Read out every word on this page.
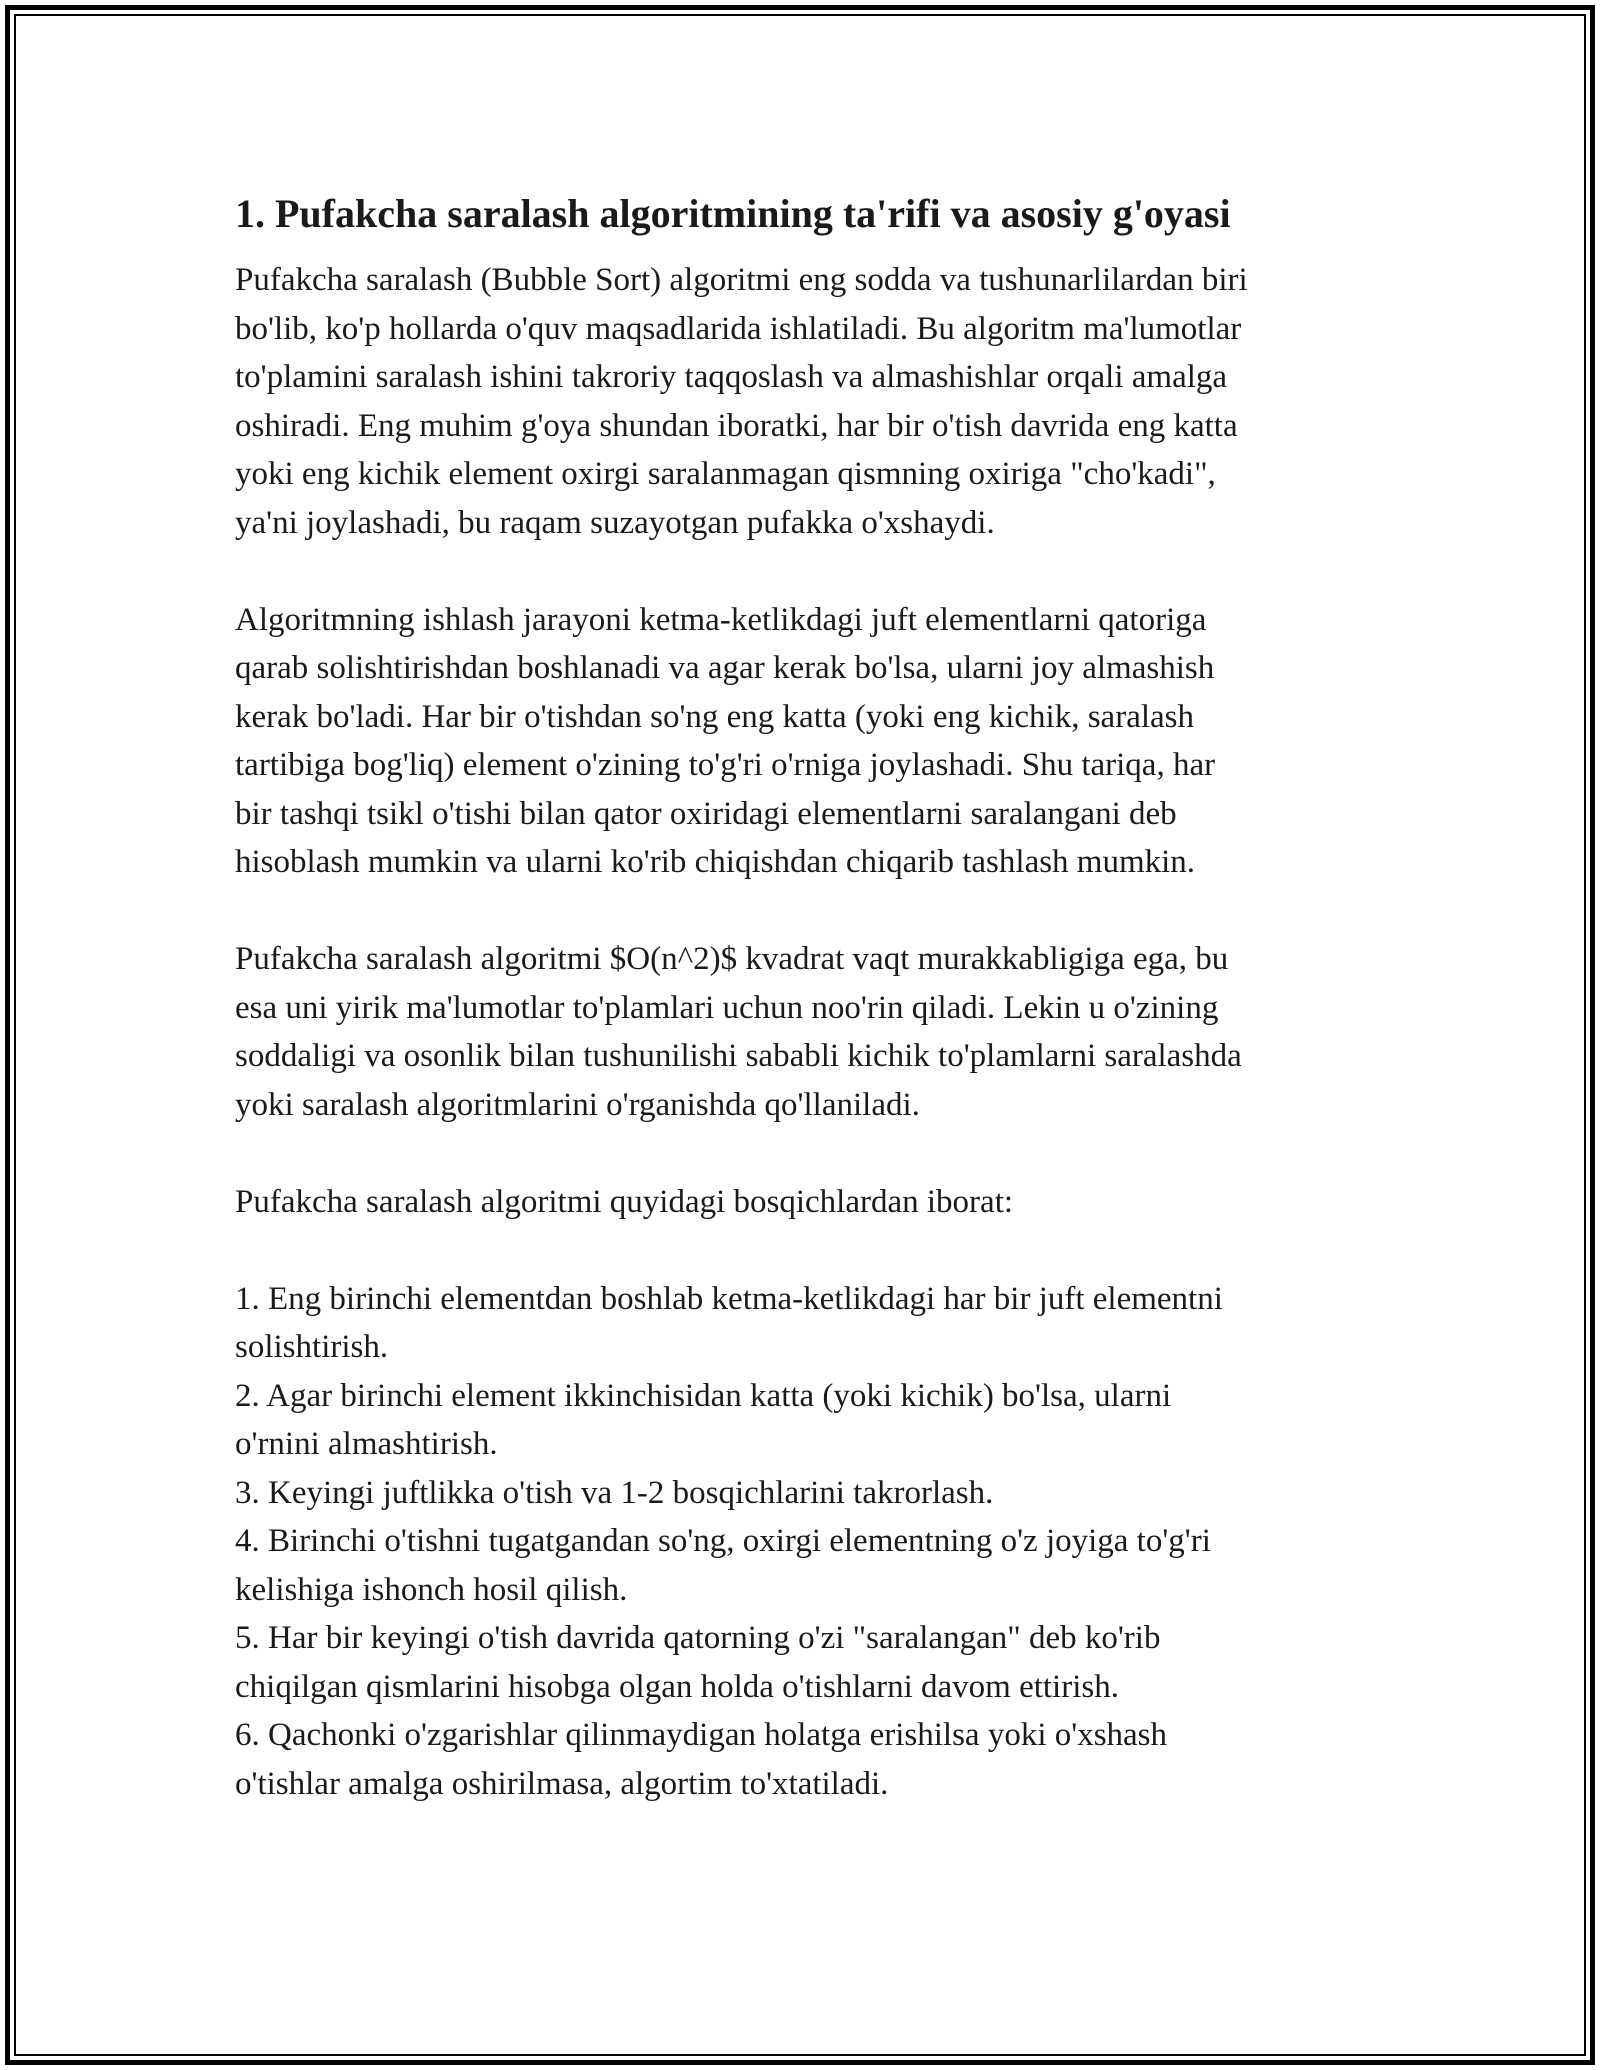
1. Pufakcha saralash algoritmining ta'rifi va asosiy g'oyasi

Pufakcha saralash (Bubble Sort) algoritmi eng sodda va tushunarlilardan biri
bo'lib, ko'p hollarda o'quv maqsadlarida ishlatiladi. Bu algoritm ma'lumotlar
to'plamini saralash ishini takroriy taqqoslash va almashishlar orqali amalga
oshiradi. Eng muhim g'oya shundan iboratki, har bir o'tish davrida eng katta
yoki eng kichik element oxirgi saralanmagan qismning oxiriga "cho'kadi",
ya'ni joylashadi, bu raqam suzayotgan pufakka o'xshaydi.

Algoritmning ishlash jarayoni ketma-ketlikdagi juft elementlarni qatoriga
qarab solishtirishdan boshlanadi va agar kerak bo'lsa, ularni joy almashish
kerak bo'ladi. Har bir o'tishdan so'ng eng katta (yoki eng kichik, saralash
tartibiga bog'liq) element o'zining to'g'ri o'rniga joylashadi. Shu tariqa, har
bir tashqi tsikl o'tishi bilan qator oxiridagi elementlarni saralangani deb
hisoblash mumkin va ularni ko'rib chiqishdan chiqarib tashlash mumkin.

Pufakcha saralash algoritmi $O(n^2)$ kvadrat vaqt murakkabligiga ega, bu
esa uni yirik ma'lumotlar to'plamlari uchun noo'rin qiladi. Lekin u o'zining
soddaligi va osonlik bilan tushunilishi sababli kichik to'plamlarni saralashda
yoki saralash algoritmlarini o'rganishda qo'llaniladi.

Pufakcha saralash algoritmi quyidagi bosqichlardan iborat:

1. Eng birinchi elementdan boshlab ketma-ketlikdagi har bir juft elementni
solishtirish.
2. Agar birinchi element ikkinchisidan katta (yoki kichik) bo'lsa, ularni
o'rnini almashtirish.
3. Keyingi juftlikka o'tish va 1-2 bosqichlarini takrorlash.
4. Birinchi o'tishni tugatgandan so'ng, oxirgi elementning o'z joyiga to'g'ri
kelishiga ishonch hosil qilish.
5. Har bir keyingi o'tish davrida qatorning o'zi "saralangan" deb ko'rib
chiqilgan qismlarini hisobga olgan holda o'tishlarni davom ettirish.
6. Qachonki o'zgarishlar qilinmaydigan holatga erishilsa yoki o'xshash
o'tishlar amalga oshirilmasa, algortim to'xtatiladi.
